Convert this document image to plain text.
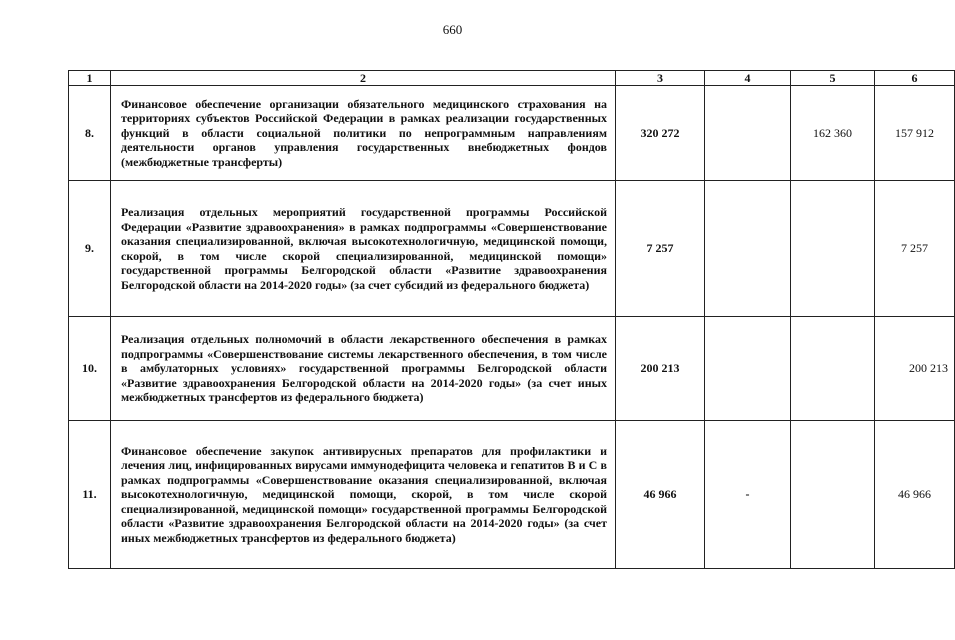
660
1	2	3	4	5	6
8.	Финансовое обеспечение организации обязательного медицинского страхования на территориях субъектов Российской Федерации в рамках реализации государственных функций в области социальной политики по непрограммным направлениям деятельности органов управления государственных внебюджетных фондов (межбюджетные трансферты)	320 272		162 360	157 912
9.	Реализация отдельных мероприятий государственной программы Российской Федерации «Развитие здравоохранения» в рамках подпрограммы «Совершенствование оказания специализированной, включая высокотехнологичную, медицинской помощи, скорой, в том числе скорой специализированной, медицинской помощи» государственной программы Белгородской области «Развитие здравоохранения Белгородской области на 2014-2020 годы» (за счет субсидий из федерального бюджета)	7 257			7 257
10.	Реализация отдельных полномочий в области лекарственного обеспечения в рамках подпрограммы «Совершенствование системы лекарственного обеспечения, в том числе в амбулаторных условиях» государственной программы Белгородской области «Развитие здравоохранения Белгородской области на 2014-2020 годы» (за счет иных межбюджетных трансфертов из федерального бюджета)	200 213			200 213
11.	Финансовое обеспечение закупок антивирусных препаратов для профилактики и лечения лиц, инфицированных вирусами иммунодефицита человека и гепатитов В и С в рамках подпрограммы «Совершенствование оказания специализированной, включая высокотехнологичную, медицинской помощи, скорой, в том числе скорой специализированной, медицинской помощи» государственной программы Белгородской области «Развитие здравоохранения Белгородской области на 2014-2020 годы» (за счет иных межбюджетных трансфертов из федерального бюджета)	46 966	-		46 966
